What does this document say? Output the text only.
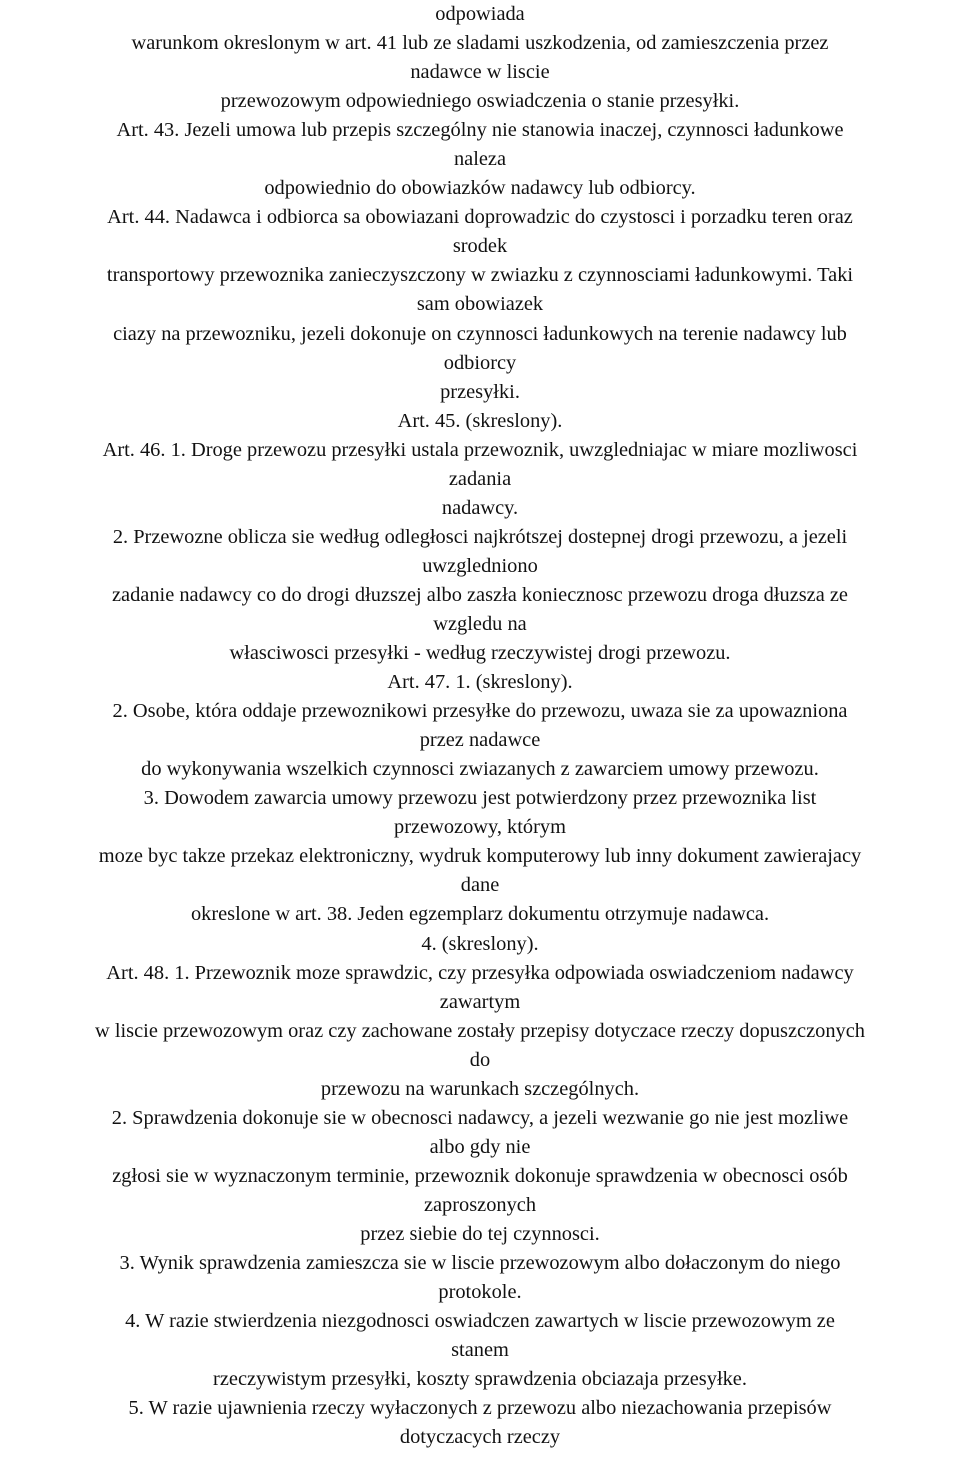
odpowiada
warunkom okreslonym w art. 41 lub ze sladami uszkodzenia, od zamieszczenia przez
nadawce w liscie
przewozowym odpowiedniego oswiadczenia o stanie przesyłki.
Art. 43. Jezeli umowa lub przepis szczególny nie stanowia inaczej, czynnosci ładunkowe
naleza
odpowiednio do obowiazków nadawcy lub odbiorcy.
Art. 44. Nadawca i odbiorca sa obowiazani doprowadzic do czystosci i porzadku teren oraz
srodek
transportowy przewoznika zanieczyszczony w zwiazku z czynnosciami ładunkowymi. Taki
sam obowiazek
ciazy na przewozniku, jezeli dokonuje on czynnosci ładunkowych na terenie nadawcy lub
odbiorcy
przesyłki.
Art. 45. (skreslony).
Art. 46. 1. Droge przewozu przesyłki ustala przewoznik, uwzgledniajac w miare mozliwosci
zadania
nadawcy.
2. Przewozne oblicza sie według odległosci najkrótszej dostepnej drogi przewozu, a jezeli
uwzgledniono
zadanie nadawcy co do drogi dłuzszej albo zaszła koniecznosc przewozu droga dłuzsza ze
wzgledu na
własciwosci przesyłki - według rzeczywistej drogi przewozu.
Art. 47. 1. (skreslony).
2. Osobe, która oddaje przewoznikowi przesyłke do przewozu, uwaza sie za upowazniona
przez nadawce
do wykonywania wszelkich czynnosci zwiazanych z zawarciem umowy przewozu.
3. Dowodem zawarcia umowy przewozu jest potwierdzony przez przewoznika list
przewozowy, którym
moze byc takze przekaz elektroniczny, wydruk komputerowy lub inny dokument zawierajacy
dane
okreslone w art. 38. Jeden egzemplarz dokumentu otrzymuje nadawca.
4. (skreslony).
Art. 48. 1. Przewoznik moze sprawdzic, czy przesyłka odpowiada oswiadczeniom nadawcy
zawartym
w liscie przewozowym oraz czy zachowane zostały przepisy dotyczace rzeczy dopuszczonych
do
przewozu na warunkach szczególnych.
2. Sprawdzenia dokonuje sie w obecnosci nadawcy, a jezeli wezwanie go nie jest mozliwe
albo gdy nie
zgłosi sie w wyznaczonym terminie, przewoznik dokonuje sprawdzenia w obecnosci osób
zaproszonych
przez siebie do tej czynnosci.
3. Wynik sprawdzenia zamieszcza sie w liscie przewozowym albo dołaczonym do niego
protokole.
4. W razie stwierdzenia niezgodnosci oswiadczen zawartych w liscie przewozowym ze
stanem
rzeczywistym przesyłki, koszty sprawdzenia obciazaja przesyłke.
5. W razie ujawnienia rzeczy wyłaczonych z przewozu albo niezachowania przepisów
dotyczacych rzeczy
